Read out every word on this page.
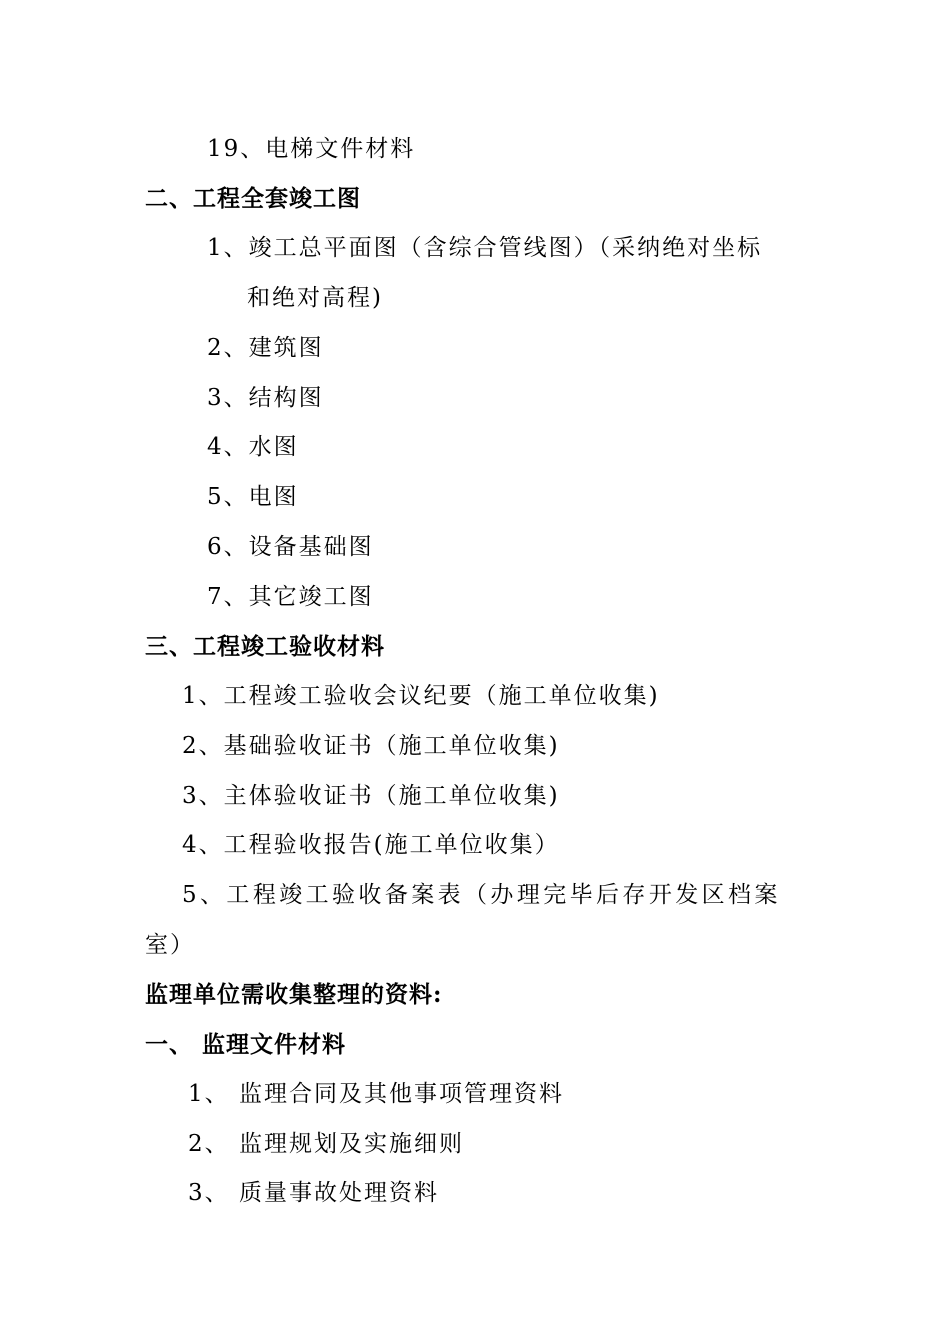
19、电梯文件材料
二、工程全套竣工图
1、竣工总平面图（含综合管线图）（采纳绝对坐标
和绝对高程)
2、建筑图
3、结构图
4、水图
5、电图
6、设备基础图
7、其它竣工图
三、工程竣工验收材料
1、工程竣工验收会议纪要（施工单位收集)
2、基础验收证书（施工单位收集)
3、主体验收证书（施工单位收集)
4、工程验收报告(施工单位收集）
5、工程竣工验收备案表（办理完毕后存开发区档案
室）
监理单位需收集整理的资料:
一、 监理文件材料
1、 监理合同及其他事项管理资料
2、 监理规划及实施细则
3、 质量事故处理资料
